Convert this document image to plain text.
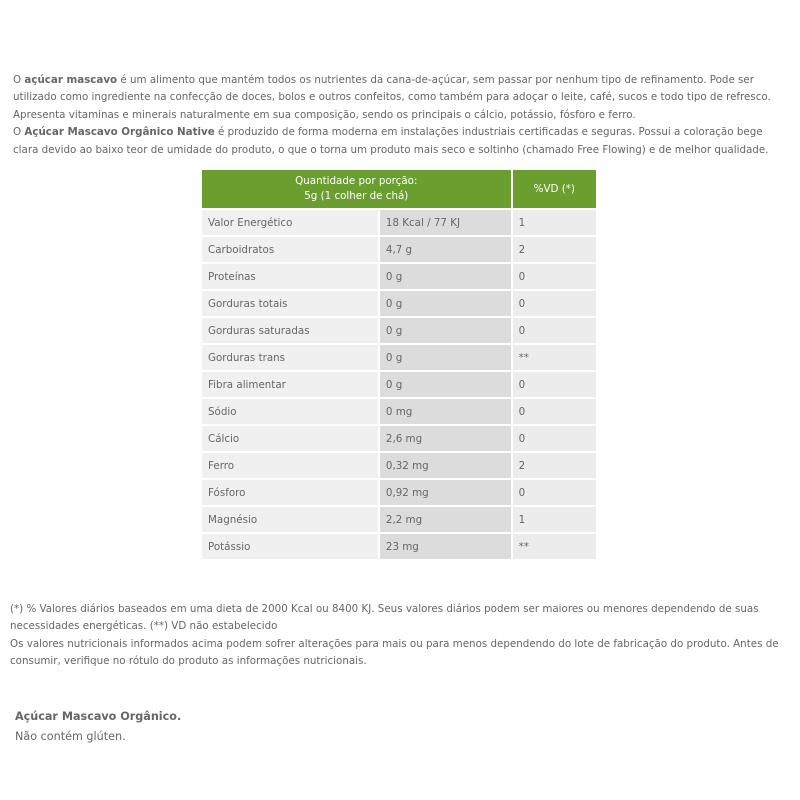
O açúcar mascavo é um alimento que mantém todos os nutrientes da cana-de-açúcar, sem passar por nenhum tipo de refinamento. Pode ser utilizado como ingrediente na confecção de doces, bolos e outros confeitos, como também para adoçar o leite, café, sucos e todo tipo de refresco. Apresenta vitaminas e minerais naturalmente em sua composição, sendo os principais o cálcio, potássio, fósforo e ferro.

O Açúcar Mascavo Orgânico Native é produzido de forma moderna em instalações industriais certificadas e seguras. Possui a coloração bege clara devido ao baixo teor de umidade do produto, o que o torna um produto mais seco e soltinho (chamado Free Flowing) e de melhor qualidade.

Quantidade por porção:
5g (1 colher de chá)		%VD (*)
Valor Energético	18 Kcal / 77 KJ	1
Carboidratos	4,7 g	2
Proteínas	0 g	0
Gorduras totais	0 g	0
Gorduras saturadas	0 g	0
Gorduras trans	0 g	**
Fibra alimentar	0 g	0
Sódio	0 mg	0
Cálcio	2,6 mg	0
Ferro	0,32 mg	2
Fósforo	0,92 mg	0
Magnésio	2,2 mg	1
Potássio	23 mg	**

(*) % Valores diários baseados em uma dieta de 2000 Kcal ou 8400 KJ. Seus valores diários podem ser maiores ou menores dependendo de suas necessidades energéticas. (**) VD não estabelecido

Os valores nutricionais informados acima podem sofrer alterações para mais ou para menos dependendo do lote de fabricação do produto. Antes de consumir, verifique no rótulo do produto as informações nutricionais.

Açúcar Mascavo Orgânico.

Não contém glúten.
